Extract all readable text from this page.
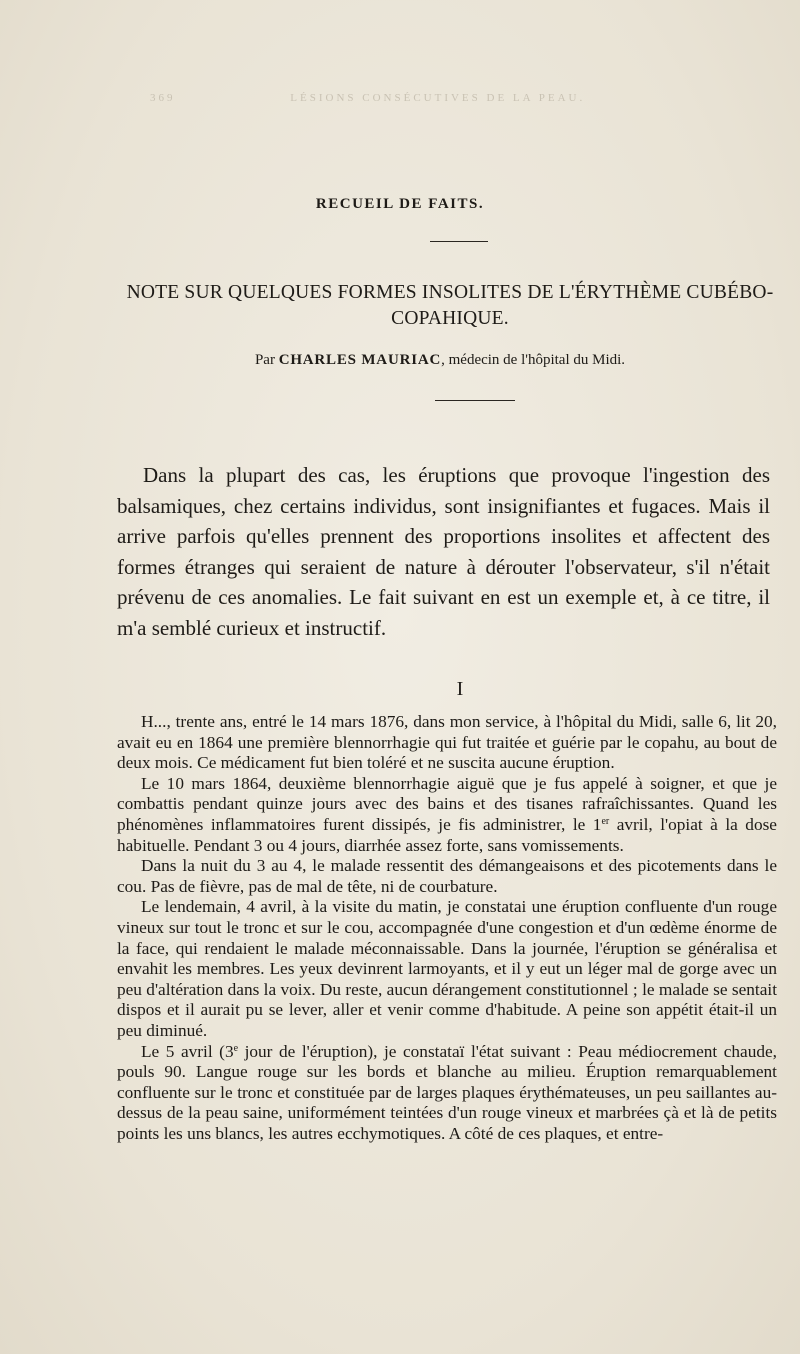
369	LÉSIONS CONSÉCUTIVES DE LA PEAU.
RECUEIL DE FAITS.
NOTE SUR QUELQUES FORMES INSOLITES DE L'ÉRYTHÈME CUBÉBO-COPAHIQUE.
Par CHARLES MAURIAC, médecin de l'hôpital du Midi.

Dans la plupart des cas, les éruptions que provoque l'ingestion des balsamiques, chez certains individus, sont insignifiantes et fugaces. Mais il arrive parfois qu'elles prennent des proportions insolites et affectent des formes étranges qui seraient de nature à dérouter l'observateur, s'il n'était prévenu de ces anomalies. Le fait suivant en est un exemple et, à ce titre, il m'a semblé curieux et instructif.

I

H..., trente ans, entré le 14 mars 1876, dans mon service, à l'hôpital du Midi, salle 6, lit 20, avait eu en 1864 une première blennorrhagie qui fut traitée et guérie par le copahu, au bout de deux mois. Ce médicament fut bien toléré et ne suscita aucune éruption.

Le 10 mars 1864, deuxième blennorrhagie aiguë que je fus appelé à soigner, et que je combattis pendant quinze jours avec des bains et des tisanes rafraîchissantes. Quand les phénomènes inflammatoires furent dissipés, je fis administrer, le 1er avril, l'opiat à la dose habituelle. Pendant 3 ou 4 jours, diarrhée assez forte, sans vomissements.

Dans la nuit du 3 au 4, le malade ressentit des démangeaisons et des picotements dans le cou. Pas de fièvre, pas de mal de tête, ni de courbature.

Le lendemain, 4 avril, à la visite du matin, je constatai une éruption confluente d'un rouge vineux sur tout le tronc et sur le cou, accompagnée d'une congestion et d'un œdème énorme de la face, qui rendaient le malade méconnaissable. Dans la journée, l'éruption se généralisa et envahit les membres. Les yeux devinrent larmoyants, et il y eut un léger mal de gorge avec un peu d'altération dans la voix. Du reste, aucun dérangement constitutionnel ; le malade se sentait dispos et il aurait pu se lever, aller et venir comme d'habitude. A peine son appétit était-il un peu diminué.

Le 5 avril (3e jour de l'éruption), je constataï l'état suivant : Peau médiocrement chaude, pouls 90. Langue rouge sur les bords et blanche au milieu. Éruption remarquablement confluente sur le tronc et constituée par de larges plaques érythémateuses, un peu saillantes au-dessus de la peau saine, uniformément teintées d'un rouge vineux et marbrées çà et là de petits points les uns blancs, les autres ecchymotiques. A côté de ces plaques, et entre-
